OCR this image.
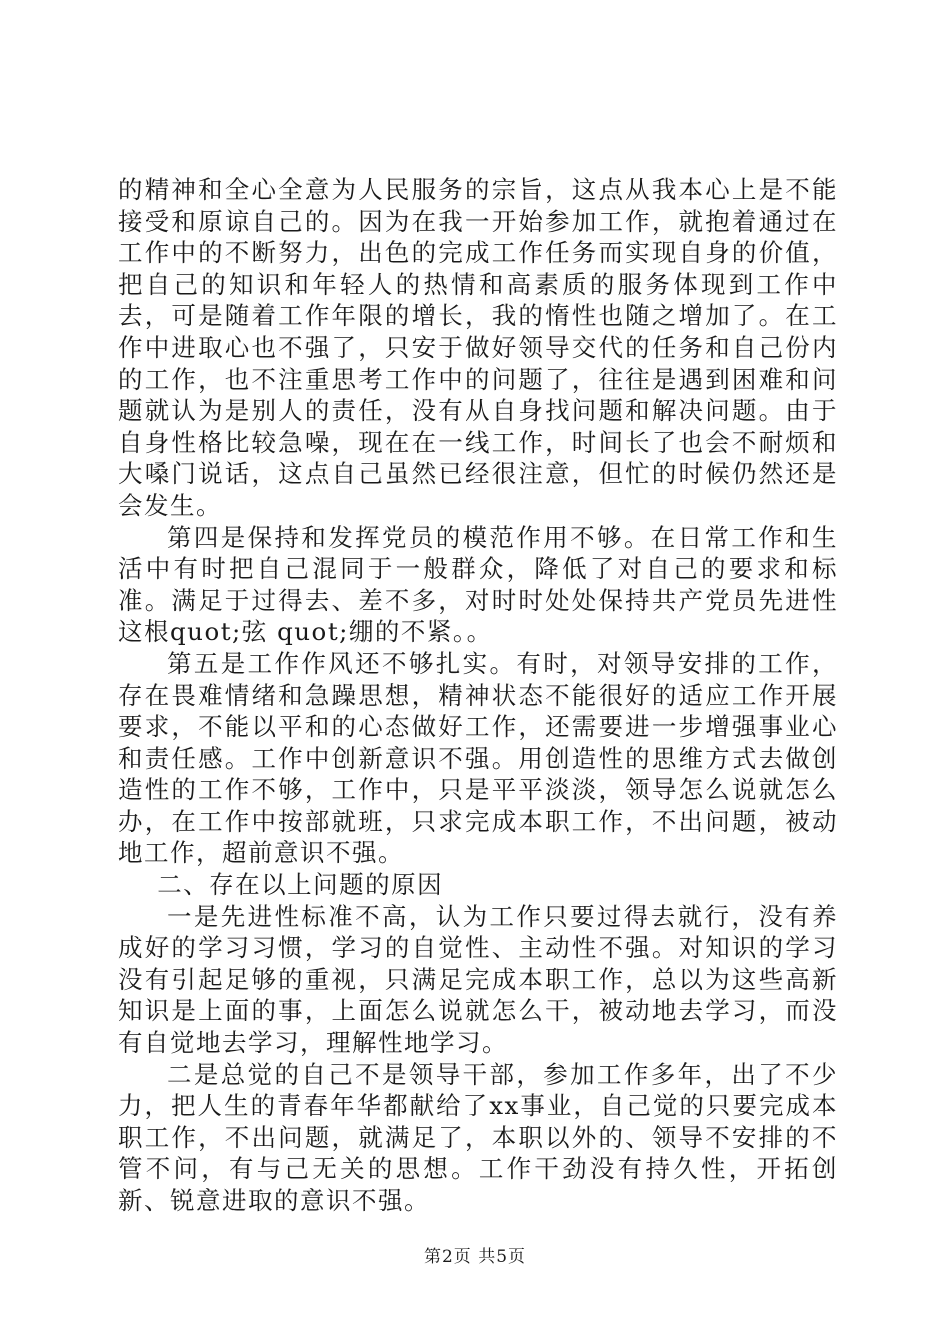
的精神和全心全意为人民服务的宗旨，这点从我本心上是不能接受和原谅自己的。因为在我一开始参加工作，就抱着通过在工作中的不断努力，出色的完成工作任务而实现自身的价值，把自己的知识和年轻人的热情和高素质的服务体现到工作中去，可是随着工作年限的增长，我的惰性也随之增加了。在工作中进取心也不强了，只安于做好领导交代的任务和自己份内的工作，也不注重思考工作中的问题了，往往是遇到困难和问题就认为是别人的责任，没有从自身找问题和解决问题。由于自身性格比较急噪，现在在一线工作，时间长了也会不耐烦和大嗓门说话，这点自己虽然已经很注意，但忙的时候仍然还是会发生。

第四是保持和发挥党员的模范作用不够。在日常工作和生活中有时把自己混同于一般群众，降低了对自己的要求和标准。满足于过得去、差不多，对时时处处保持共产党员先进性这根quot;弦 quot;绷的不紧。。

第五是工作作风还不够扎实。有时，对领导安排的工作，存在畏难情绪和急躁思想，精神状态不能很好的适应工作开展要求，不能以平和的心态做好工作，还需要进一步增强事业心和责任感。工作中创新意识不强。用创造性的思维方式去做创造性的工作不够，工作中，只是平平淡淡，领导怎么说就怎么办，在工作中按部就班，只求完成本职工作，不出问题，被动地工作，超前意识不强。

二、存在以上问题的原因

一是先进性标准不高，认为工作只要过得去就行，没有养成好的学习习惯，学习的自觉性、主动性不强。对知识的学习没有引起足够的重视，只满足完成本职工作，总以为这些高新知识是上面的事，上面怎么说就怎么干，被动地去学习，而没有自觉地去学习，理解性地学习。

二是总觉的自己不是领导干部，参加工作多年，出了不少力，把人生的青春年华都献给了xx事业，自己觉的只要完成本职工作，不出问题，就满足了，本职以外的、领导不安排的不管不问，有与己无关的思想。工作干劲没有持久性，开拓创新、锐意进取的意识不强。

第2页 共5页
